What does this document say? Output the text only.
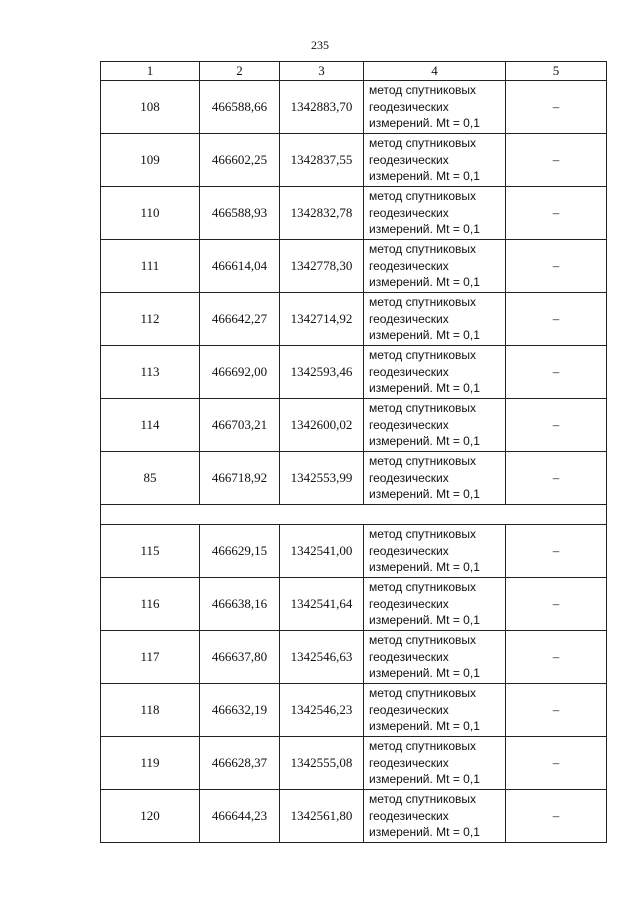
235
1	2	3	4	5
108	466588,66	1342883,70	метод спутниковых
геодезических
измерений. Mt = 0,1	–
109	466602,25	1342837,55	метод спутниковых
геодезических
измерений. Mt = 0,1	–
110	466588,93	1342832,78	метод спутниковых
геодезических
измерений. Mt = 0,1	–
111	466614,04	1342778,30	метод спутниковых
геодезических
измерений. Mt = 0,1	–
112	466642,27	1342714,92	метод спутниковых
геодезических
измерений. Mt = 0,1	–
113	466692,00	1342593,46	метод спутниковых
геодезических
измерений. Mt = 0,1	–
114	466703,21	1342600,02	метод спутниковых
геодезических
измерений. Mt = 0,1	–
85	466718,92	1342553,99	метод спутниковых
геодезических
измерений. Mt = 0,1	–

115	466629,15	1342541,00	метод спутниковых
геодезических
измерений. Mt = 0,1	–
116	466638,16	1342541,64	метод спутниковых
геодезических
измерений. Mt = 0,1	–
117	466637,80	1342546,63	метод спутниковых
геодезических
измерений. Mt = 0,1	–
118	466632,19	1342546,23	метод спутниковых
геодезических
измерений. Mt = 0,1	–
119	466628,37	1342555,08	метод спутниковых
геодезических
измерений. Mt = 0,1	–
120	466644,23	1342561,80	метод спутниковых
геодезических
измерений. Mt = 0,1	–
